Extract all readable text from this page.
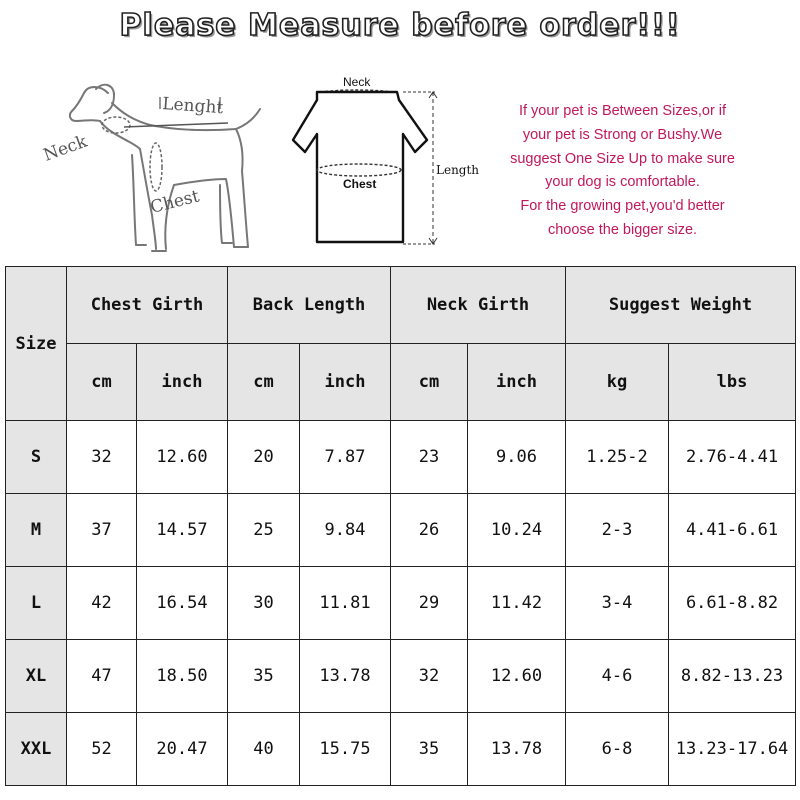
Please Measure before order!!!
Lenght
Neck
Chest
Neck
Chest
Length
If your pet is Between Sizes,or if
your pet is Strong or Bushy.We
suggest One Size Up to make sure
your dog is comfortable.
For the growing pet,you'd better
choose the bigger size.
Size	Chest Girth		Back Length		Neck Girth		Suggest Weight	
	cm	inch	cm	inch	cm	inch	kg	lbs
S	32	12.60	20	7.87	23	9.06	1.25-2	2.76-4.41
M	37	14.57	25	9.84	26	10.24	2-3	4.41-6.61
L	42	16.54	30	11.81	29	11.42	3-4	6.61-8.82
XL	47	18.50	35	13.78	32	12.60	4-6	8.82-13.23
XXL	52	20.47	40	15.75	35	13.78	6-8	13.23-17.64
